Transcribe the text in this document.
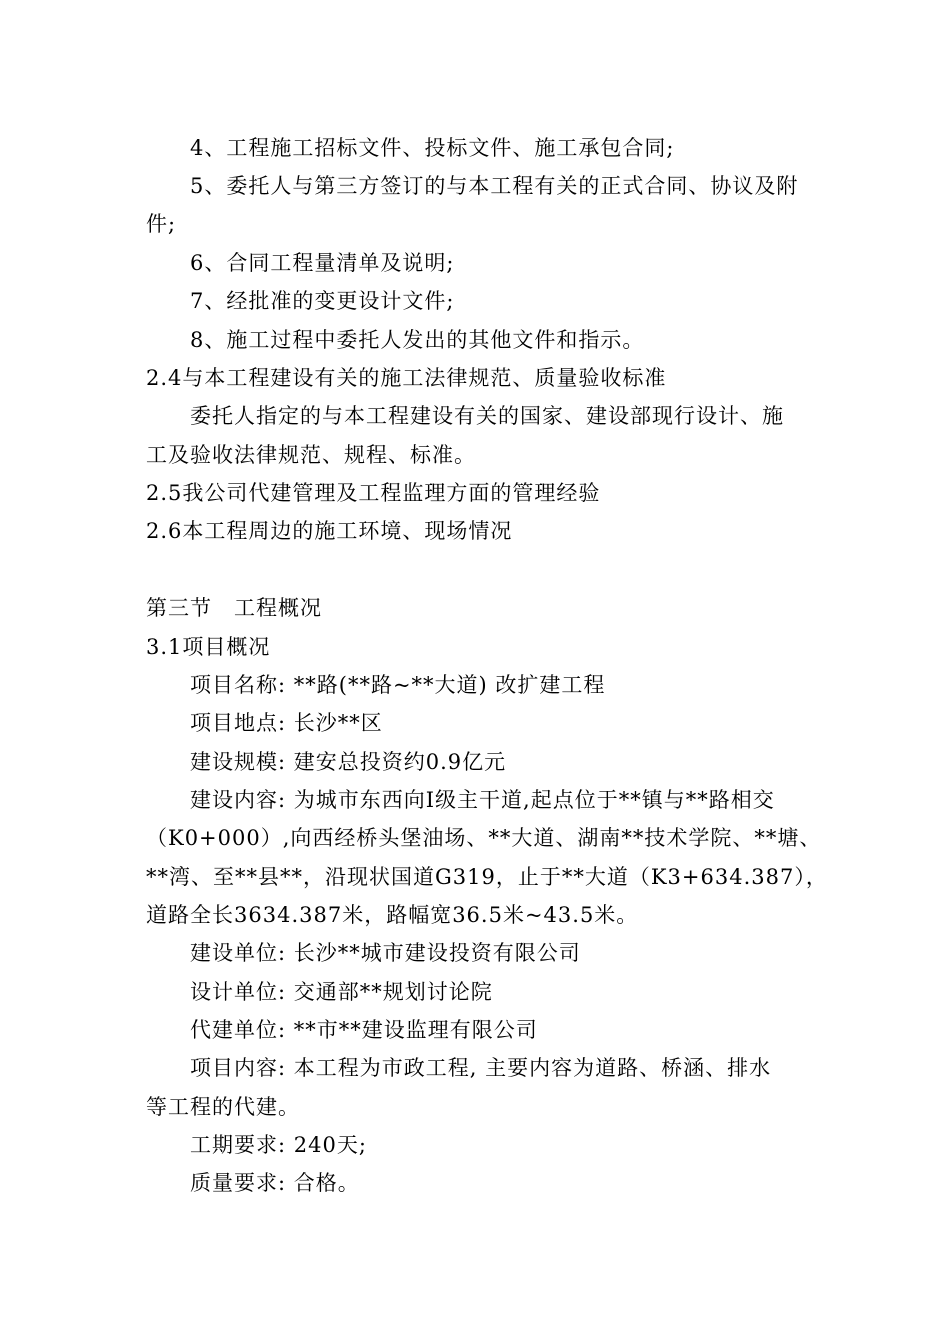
4、工程施工招标文件、投标文件、施工承包合同;
5、委托人与第三方签订的与本工程有关的正式合同、协议及附
件;
6、合同工程量清单及说明;
7、经批准的变更设计文件;
8、施工过程中委托人发出的其他文件和指示。
2.4与本工程建设有关的施工法律规范、质量验收标准
委托人指定的与本工程建设有关的国家、建设部现行设计、施
工及验收法律规范、规程、标准。
2.5我公司代建管理及工程监理方面的管理经验
2.6本工程周边的施工环境、现场情况
第三节　工程概况
3.1项目概况
项目名称: **路(**路~**大道) 改扩建工程
项目地点: 长沙**区
建设规模: 建安总投资约0.9亿元
建设内容: 为城市东西向Ⅰ级主干道,起点位于**镇与**路相交
（K0+000）,向西经桥头堡油场、**大道、湖南**技术学院、**塘、
**湾、至**县**，沿现状国道G319，止于**大道（K3+634.387），
道路全长3634.387米，路幅宽36.5米~43.5米。
建设单位: 长沙**城市建设投资有限公司
设计单位: 交通部**规划讨论院
代建单位: **市**建设监理有限公司
项目内容: 本工程为市政工程, 主要内容为道路、桥涵、排水
等工程的代建。
工期要求: 240天;
质量要求: 合格。
